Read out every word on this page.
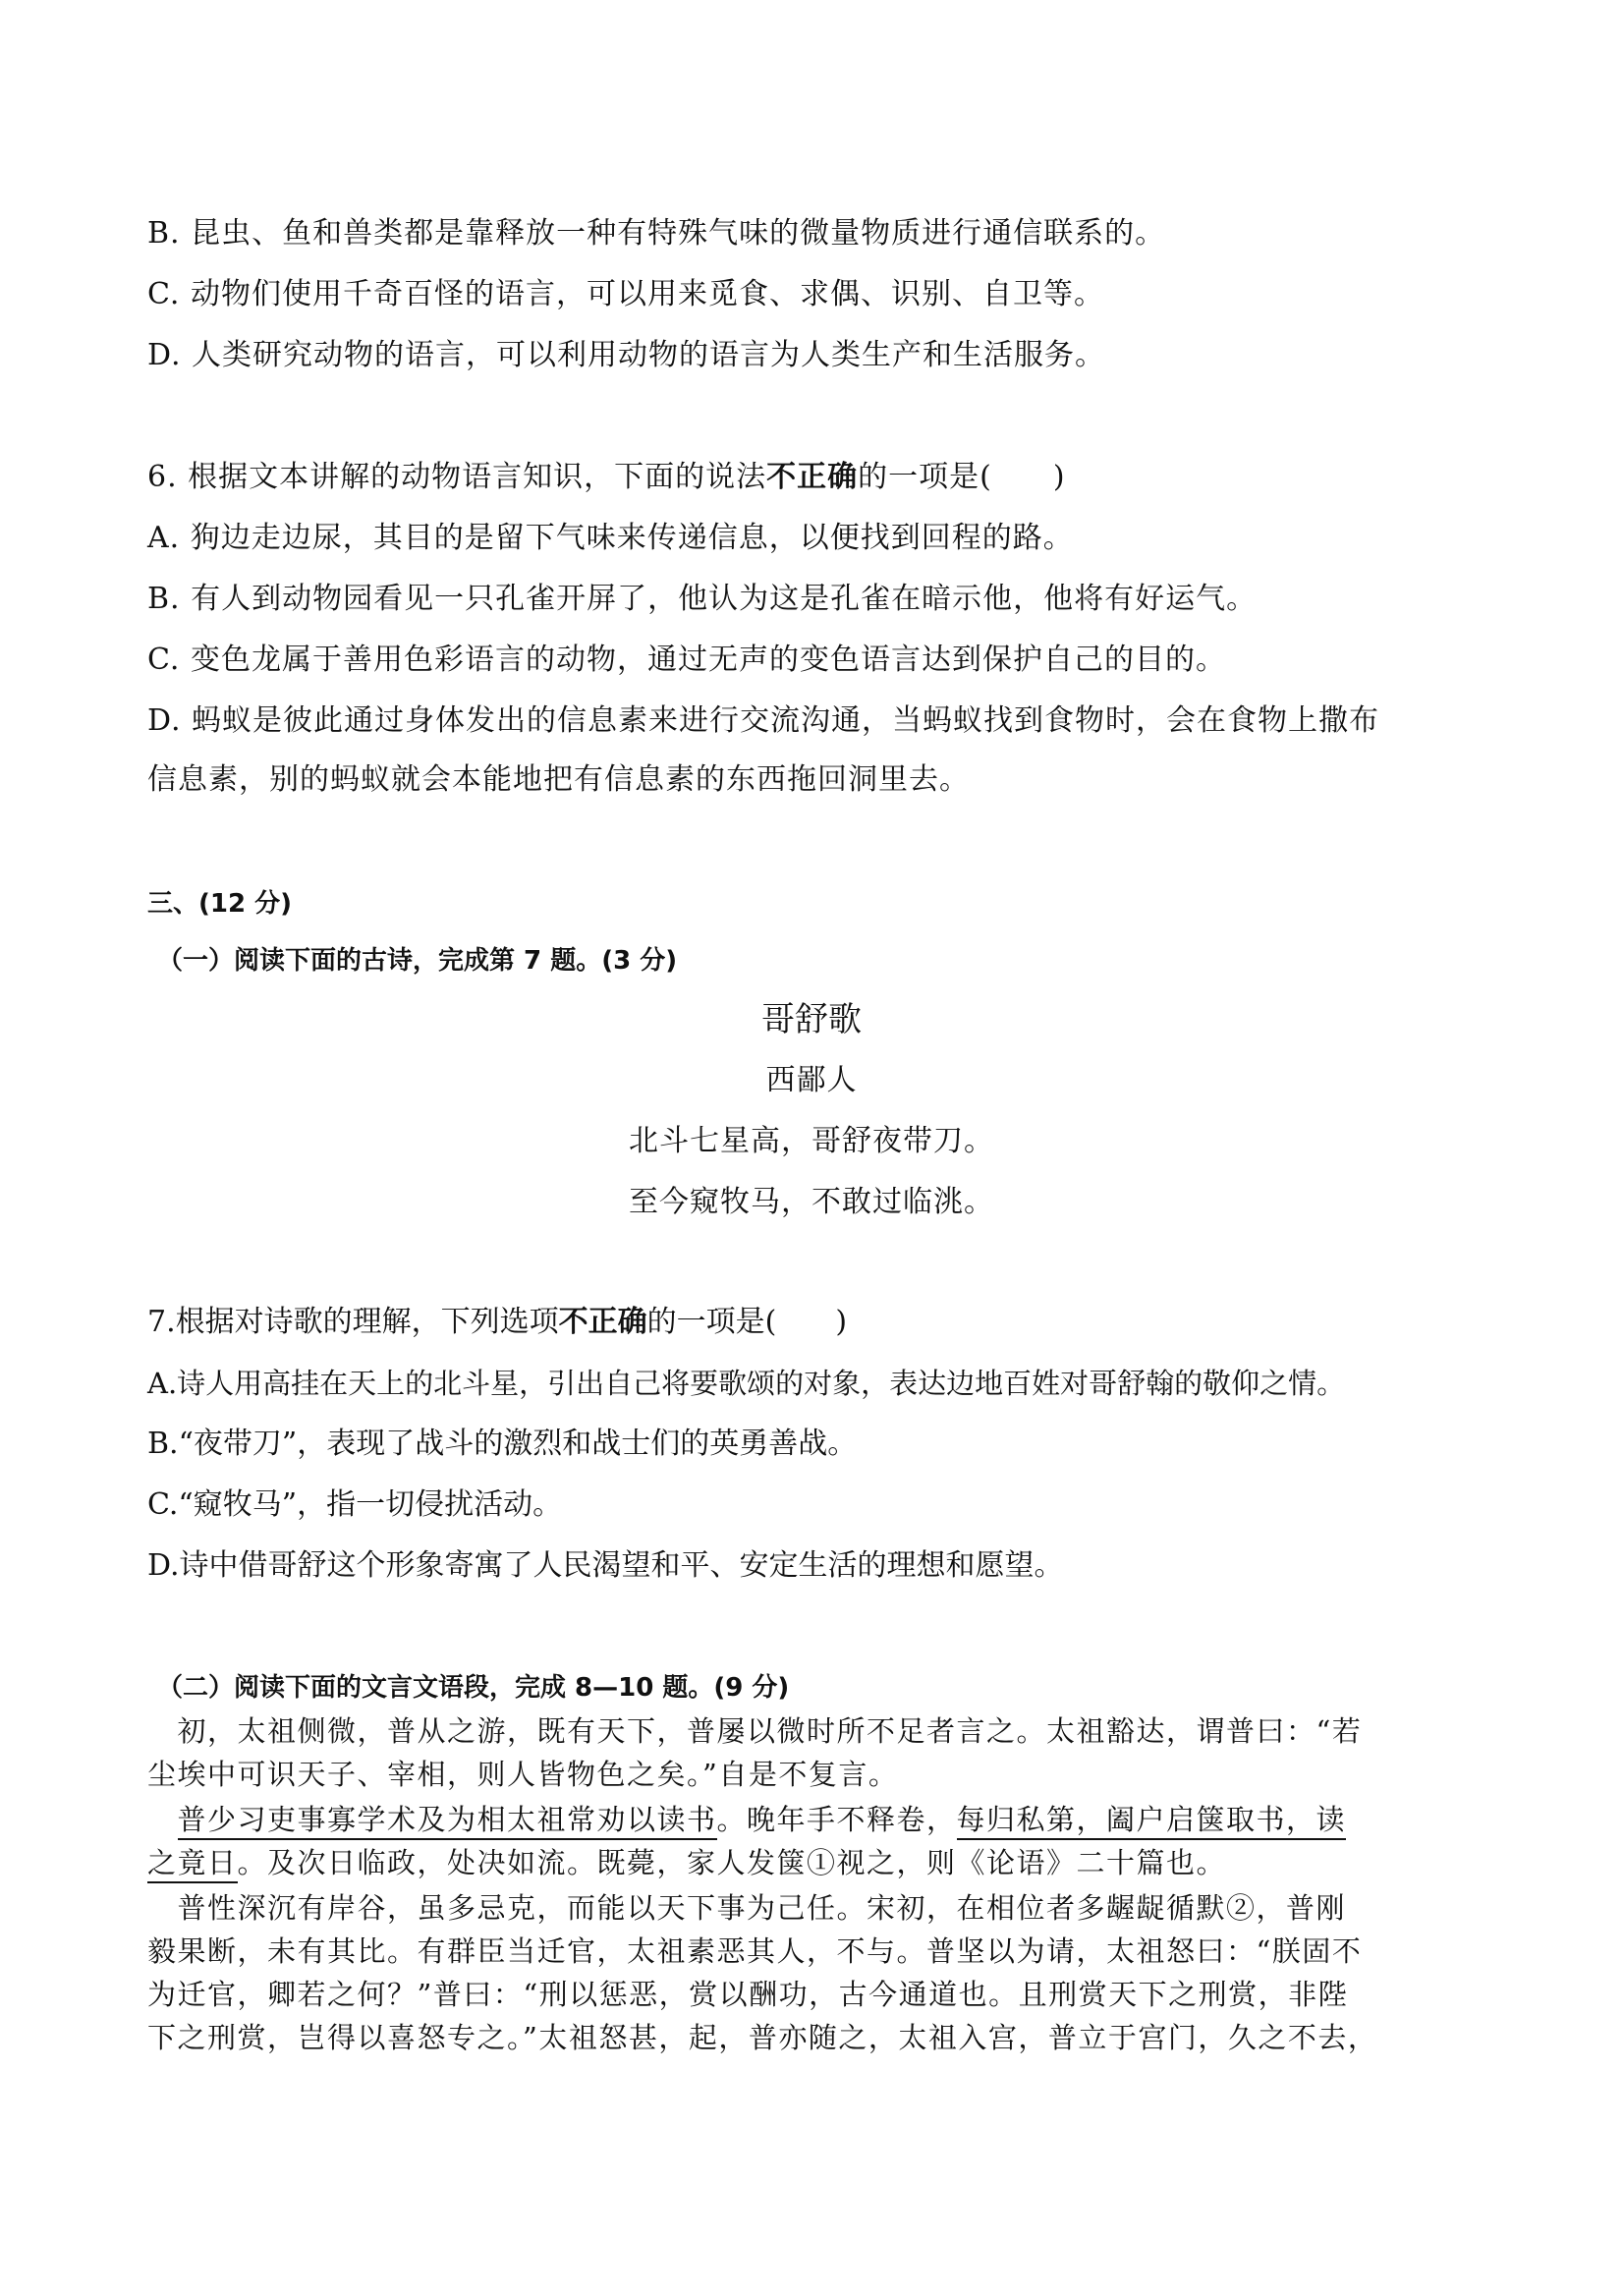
B. 昆虫、鱼和兽类都是靠释放一种有特殊气味的微量物质进行通信联系的。
C. 动物们使用千奇百怪的语言，可以用来觅食、求偶、识别、自卫等。
D. 人类研究动物的语言，可以利用动物的语言为人类生产和生活服务。
6. 根据文本讲解的动物语言知识，下面的说法不正确的一项是(　　)
A. 狗边走边尿，其目的是留下气味来传递信息，以便找到回程的路。
B. 有人到动物园看见一只孔雀开屏了，他认为这是孔雀在暗示他，他将有好运气。
C. 变色龙属于善用色彩语言的动物，通过无声的变色语言达到保护自己的目的。
D. 蚂蚁是彼此通过身体发出的信息素来进行交流沟通，当蚂蚁找到食物时，会在食物上撒布
信息素，别的蚂蚁就会本能地把有信息素的东西拖回洞里去。
三、(12 分)
（一）阅读下面的古诗，完成第 7 题。(3 分)
哥舒歌
西鄙人
北斗七星高，哥舒夜带刀。
至今窥牧马，不敢过临洮。
7.根据对诗歌的理解，下列选项不正确的一项是(　　)
A.诗人用高挂在天上的北斗星，引出自己将要歌颂的对象，表达边地百姓对哥舒翰的敬仰之情。
B.“夜带刀”，表现了战斗的激烈和战士们的英勇善战。
C.“窥牧马”，指一切侵扰活动。
D.诗中借哥舒这个形象寄寓了人民渴望和平、安定生活的理想和愿望。
（二）阅读下面的文言文语段，完成 8—10 题。(9 分)
　初，太祖侧微，普从之游，既有天下，普屡以微时所不足者言之。太祖豁达，谓普曰：“若
尘埃中可识天子、宰相，则人皆物色之矣。”自是不复言。
　普少习吏事寡学术及为相太祖常劝以读书。晚年手不释卷，每归私第，阖户启箧取书，读
之竟日。及次日临政，处决如流。既薨，家人发箧①视之，则《论语》二十篇也。
　普性深沉有岸谷，虽多忌克，而能以天下事为己任。宋初，在相位者多龌龊循默②，普刚
毅果断，未有其比。有群臣当迁官，太祖素恶其人，不与。普坚以为请，太祖怒曰：“朕固不
为迁官，卿若之何？”普曰：“刑以惩恶，赏以酬功，古今通道也。且刑赏天下之刑赏，非陛
下之刑赏，岂得以喜怒专之。”太祖怒甚，起，普亦随之，太祖入宫，普立于宫门，久之不去，
